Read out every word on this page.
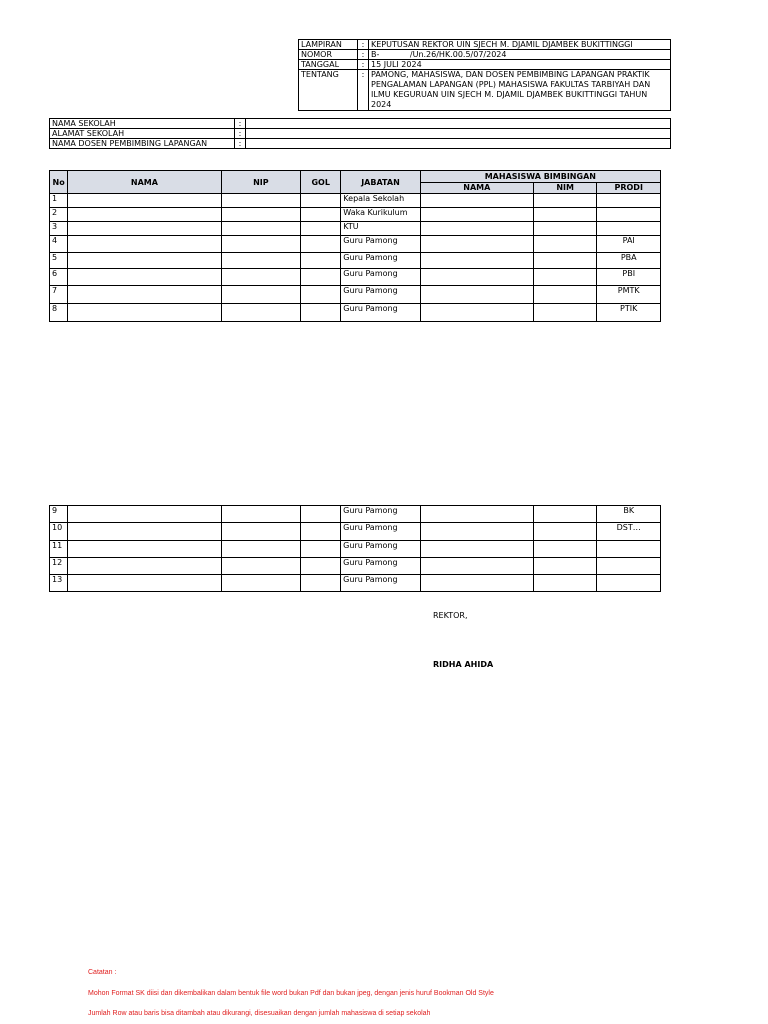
LAMPIRAN	:	KEPUTUSAN REKTOR UIN SJECH M. DJAMIL DJAMBEK BUKITTINGGI
NOMOR	:	B-            /Un.26/HK.00.5/07/2024
TANGGAL	:	15 JULI 2024
TENTANG	:	PAMONG, MAHASISWA, DAN DOSEN PEMBIMBING LAPANGAN PRAKTIK PENGALAMAN LAPANGAN (PPL) MAHASISWA FAKULTAS TARBIYAH DAN ILMU KEGURUAN UIN SJECH M. DJAMIL DJAMBEK BUKITTINGGI TAHUN 2024
NAMA SEKOLAH	:	
ALAMAT SEKOLAH	:	
NAMA DOSEN PEMBIMBING LAPANGAN	:	
No	NAMA	NIP	GOL	JABATAN	MAHASISWA BIMBINGAN		
					NAMA	NIM	PRODI
1				Kepala Sekolah			
2				Waka Kurikulum			
3				KTU			
4				Guru Pamong			PAI
5				Guru Pamong			PBA
6				Guru Pamong			PBI
7				Guru Pamong			PMTK
8				Guru Pamong			PTIK
9				Guru Pamong			BK
10				Guru Pamong			DST…
11				Guru Pamong			
12				Guru Pamong			
13				Guru Pamong			
REKTOR,
RIDHA AHIDA
Catatan :
Mohon Format SK diisi dan dikembalikan dalam bentuk file word bukan Pdf dan bukan jpeg, dengan jenis huruf Bookman Old Style
Jumlah Row atau baris bisa ditambah atau dikurangi, disesuaikan dengan jumlah mahasiswa di setiap sekolah
